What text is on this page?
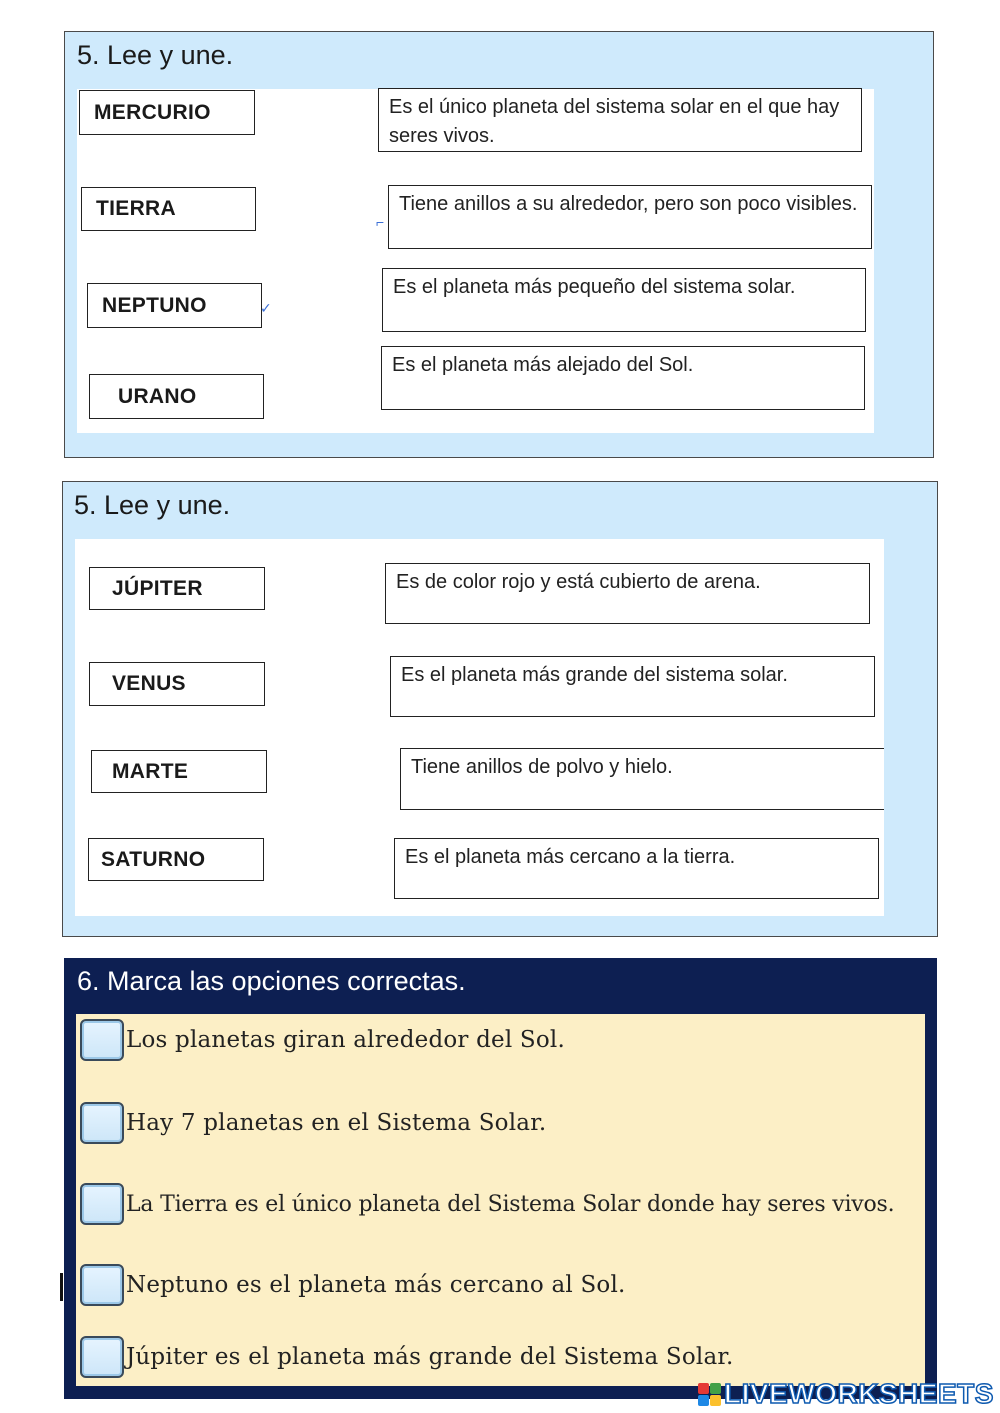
5. Lee y une.
MERCURIO
TIERRA
NEPTUNO
URANO
Es el único planeta del sistema solar en el que hay seres vivos.
Tiene anillos a su alrededor, pero son poco visibles.
Es el planeta más pequeño del sistema solar.
Es el planeta más alejado del Sol.
⌐
✓
5. Lee y une.
JÚPITER
VENUS
MARTE
SATURNO
Es de color rojo y está cubierto de arena.
Es el planeta más grande del sistema solar.
Tiene anillos de polvo y hielo.
Es el planeta más cercano a la tierra.
6. Marca las opciones correctas.
Los planetas giran alrededor del Sol.
Hay 7 planetas en el Sistema Solar.
La Tierra es el único planeta del Sistema Solar donde hay seres vivos.
Neptuno es el planeta más cercano al Sol.
Júpiter es el planeta más grande del Sistema Solar.
LIVEWORKSHEETS
